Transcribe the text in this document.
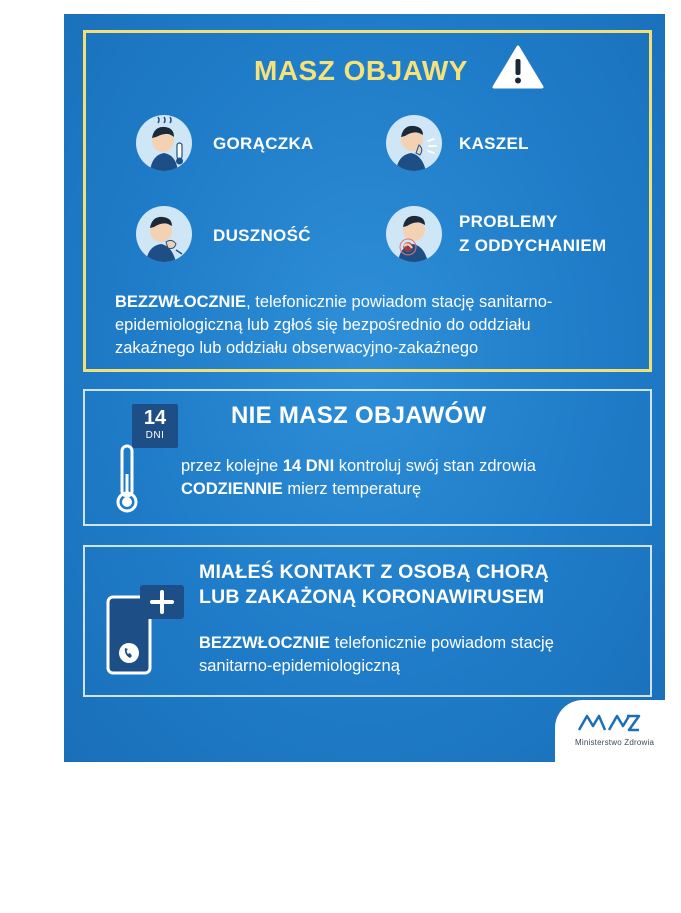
MASZ OBJAWY
GORĄCZKA	KASZEL
DUSZNOŚĆ
PROBLEMY
Z ODDYCHANIEM
BEZZWŁOCZNIE, telefonicznie powiadom stację sanitarno-
epidemiologiczną lub zgłoś się bezpośrednio do oddziału
zakaźnego lub oddziału obserwacyjno-zakaźnego
NIE MASZ OBJAWÓW
14
DNI
przez kolejne 14 DNI kontroluj swój stan zdrowia
CODZIENNIE mierz temperaturę
MIAŁEŚ KONTAKT Z OSOBĄ CHORĄ
LUB ZAKAŻONĄ KORONAWIRUSEM
BEZZWŁOCZNIE telefonicznie powiadom stację
sanitarno-epidemiologiczną
Ministerstwo Zdrowia
